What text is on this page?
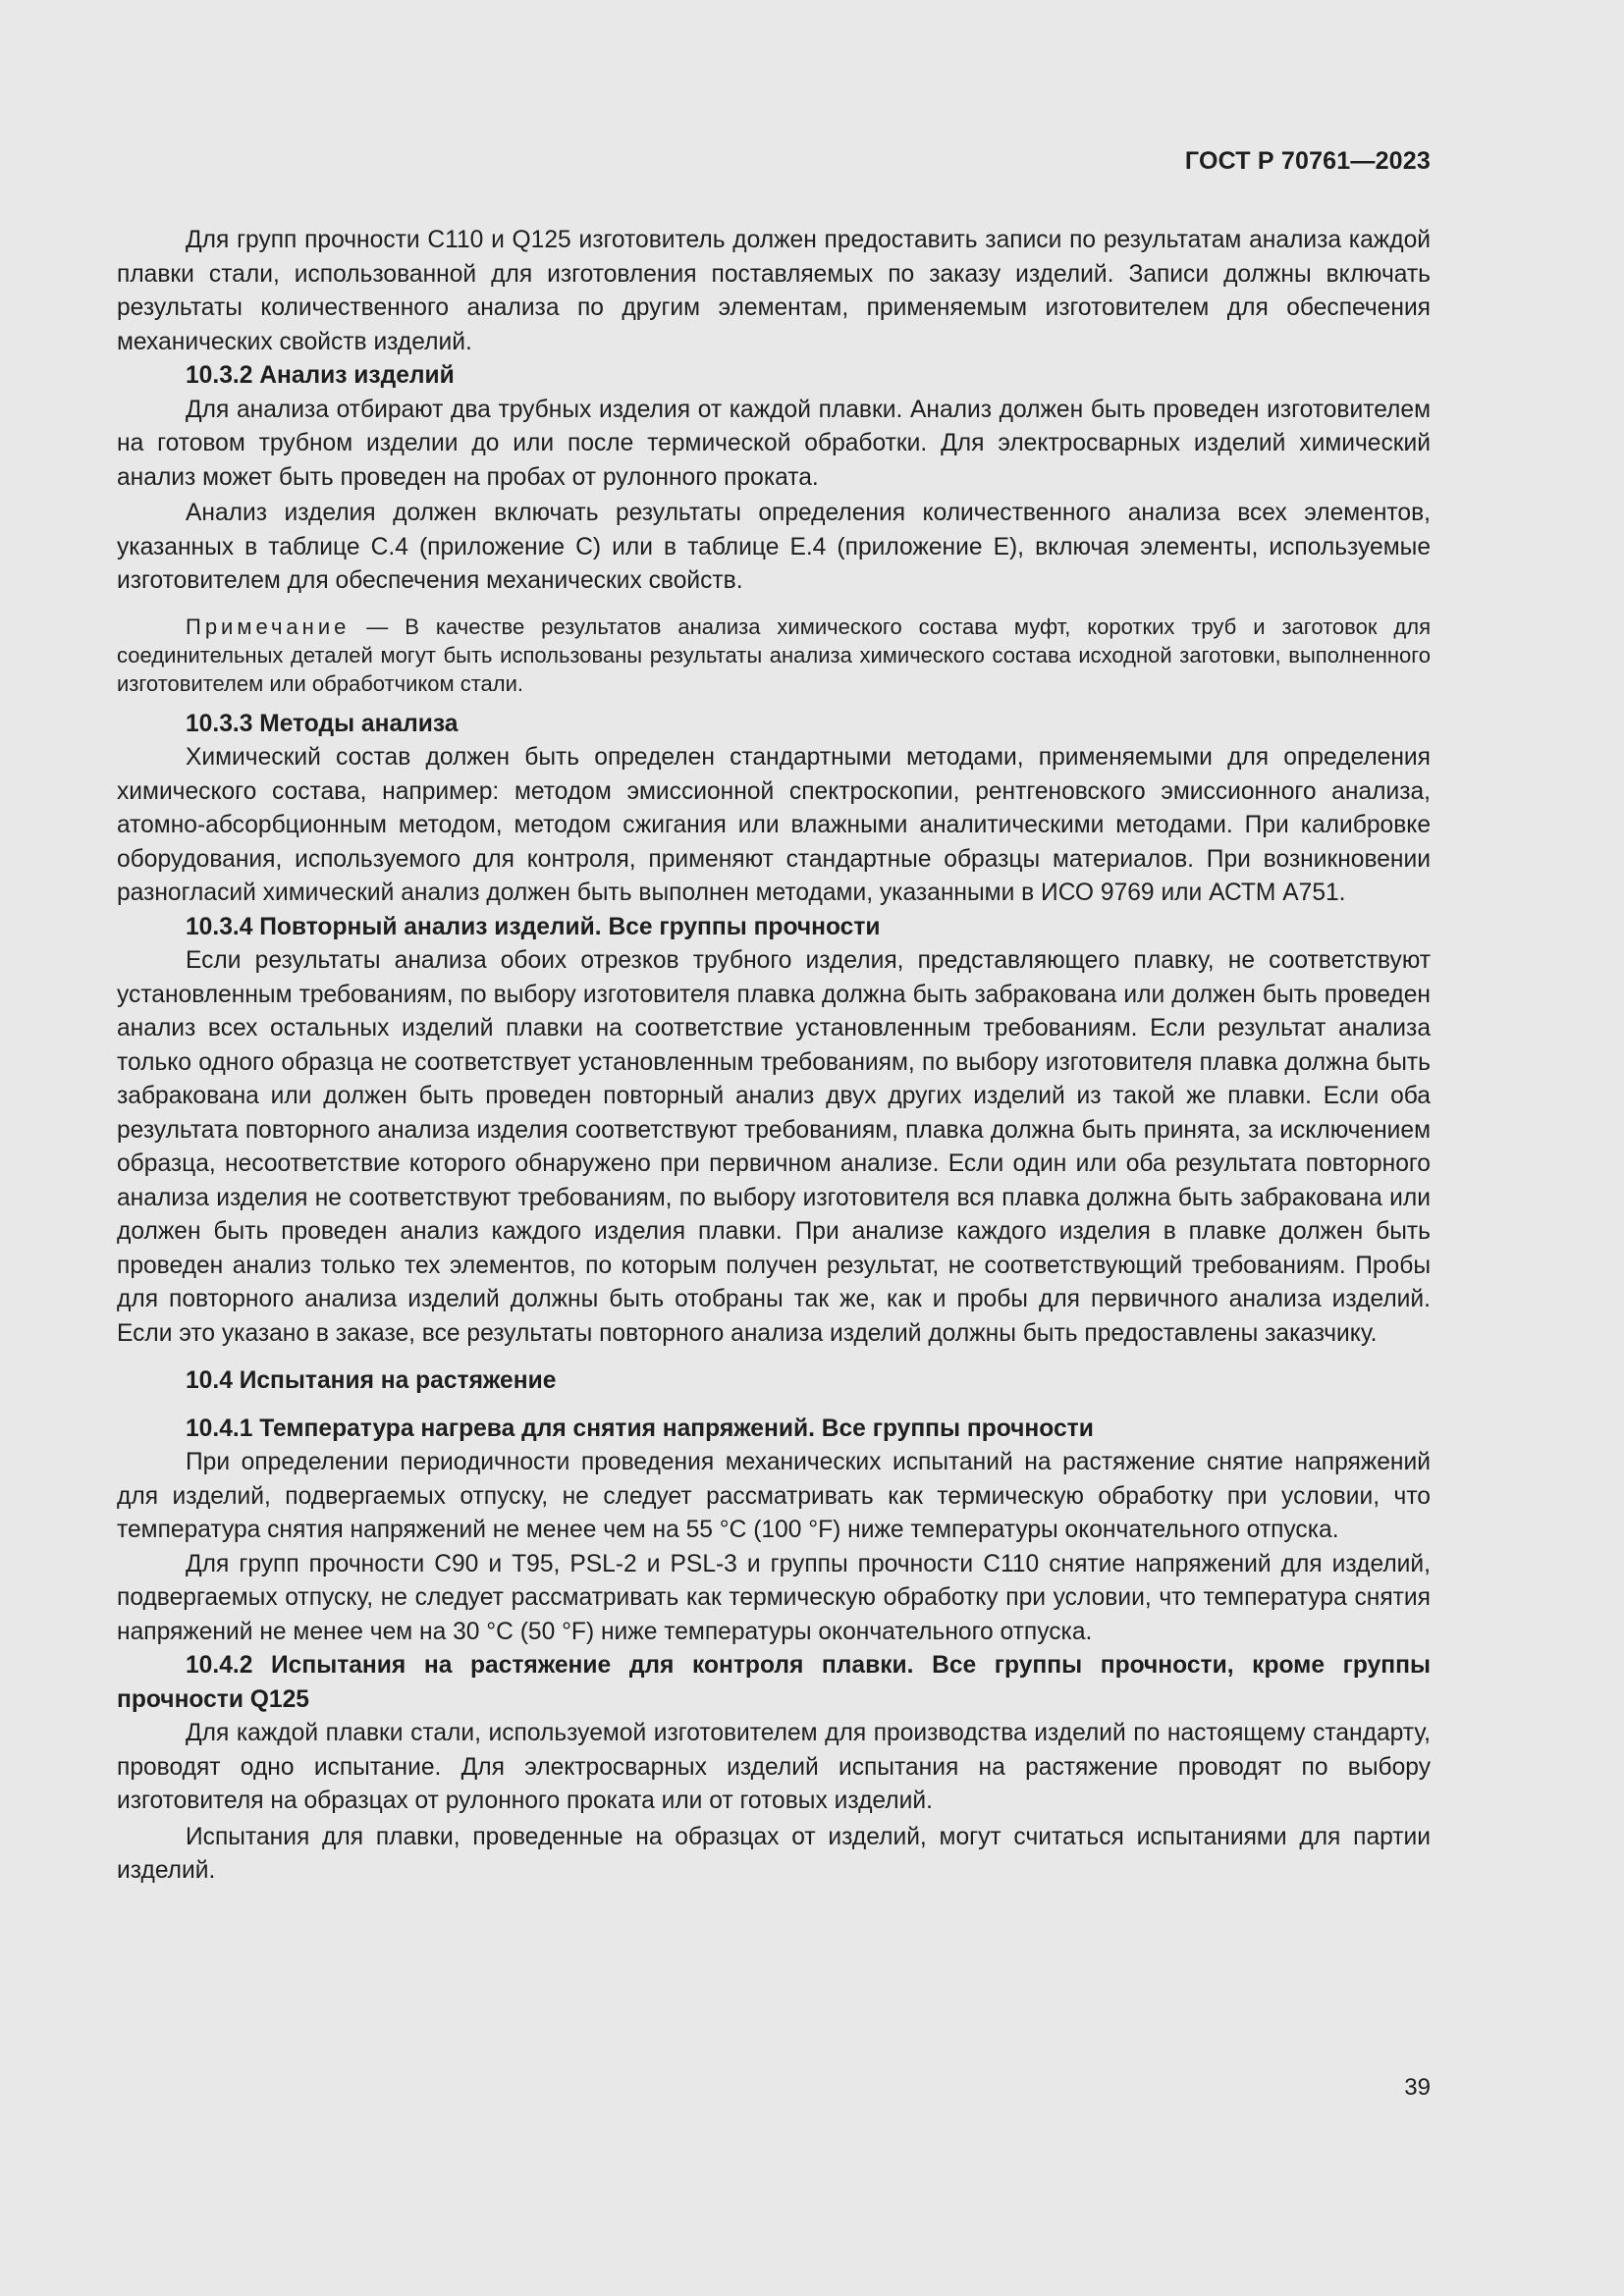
ГОСТ Р 70761—2023

Для групп прочности С110 и Q125 изготовитель должен предоставить записи по результатам анализа каждой плавки стали, использованной для изготовления поставляемых по заказу изделий. Записи должны включать результаты количественного анализа по другим элементам, применяемым изготовителем для обеспечения механических свойств изделий.

10.3.2 Анализ изделий

Для анализа отбирают два трубных изделия от каждой плавки. Анализ должен быть проведен изготовителем на готовом трубном изделии до или после термической обработки. Для электросварных изделий химический анализ может быть проведен на пробах от рулонного проката.

Анализ изделия должен включать результаты определения количественного анализа всех элементов, указанных в таблице С.4 (приложение С) или в таблице Е.4 (приложение Е), включая элементы, используемые изготовителем для обеспечения механических свойств.

Примечание — В качестве результатов анализа химического состава муфт, коротких труб и заготовок для соединительных деталей могут быть использованы результаты анализа химического состава исходной заготовки, выполненного изготовителем или обработчиком стали.

10.3.3 Методы анализа

Химический состав должен быть определен стандартными методами, применяемыми для определения химического состава, например: методом эмиссионной спектроскопии, рентгеновского эмиссионного анализа, атомно-абсорбционным методом, методом сжигания или влажными аналитическими методами. При калибровке оборудования, используемого для контроля, применяют стандартные образцы материалов. При возникновении разногласий химический анализ должен быть выполнен методами, указанными в ИСО 9769 или АСТМ А751.

10.3.4 Повторный анализ изделий. Все группы прочности

Если результаты анализа обоих отрезков трубного изделия, представляющего плавку, не соответствуют установленным требованиям, по выбору изготовителя плавка должна быть забракована или должен быть проведен анализ всех остальных изделий плавки на соответствие установленным требованиям. Если результат анализа только одного образца не соответствует установленным требованиям, по выбору изготовителя плавка должна быть забракована или должен быть проведен повторный анализ двух других изделий из такой же плавки. Если оба результата повторного анализа изделия соответствуют требованиям, плавка должна быть принята, за исключением образца, несоответствие которого обнаружено при первичном анализе. Если один или оба результата повторного анализа изделия не соответствуют требованиям, по выбору изготовителя вся плавка должна быть забракована или должен быть проведен анализ каждого изделия плавки. При анализе каждого изделия в плавке должен быть проведен анализ только тех элементов, по которым получен результат, не соответствующий требованиям. Пробы для повторного анализа изделий должны быть отобраны так же, как и пробы для первичного анализа изделий. Если это указано в заказе, все результаты повторного анализа изделий должны быть предоставлены заказчику.

10.4 Испытания на растяжение

10.4.1 Температура нагрева для снятия напряжений. Все группы прочности

При определении периодичности проведения механических испытаний на растяжение снятие напряжений для изделий, подвергаемых отпуску, не следует рассматривать как термическую обработку при условии, что температура снятия напряжений не менее чем на 55 °С (100 °F) ниже температуры окончательного отпуска.

Для групп прочности С90 и Т95, PSL-2 и PSL-3 и группы прочности С110 снятие напряжений для изделий, подвергаемых отпуску, не следует рассматривать как термическую обработку при условии, что температура снятия напряжений не менее чем на 30 °С (50 °F) ниже температуры окончательного отпуска.

10.4.2 Испытания на растяжение для контроля плавки. Все группы прочности, кроме группы прочности Q125

Для каждой плавки стали, используемой изготовителем для производства изделий по настоящему стандарту, проводят одно испытание. Для электросварных изделий испытания на растяжение проводят по выбору изготовителя на образцах от рулонного проката или от готовых изделий.

Испытания для плавки, проведенные на образцах от изделий, могут считаться испытаниями для партии изделий.

39
